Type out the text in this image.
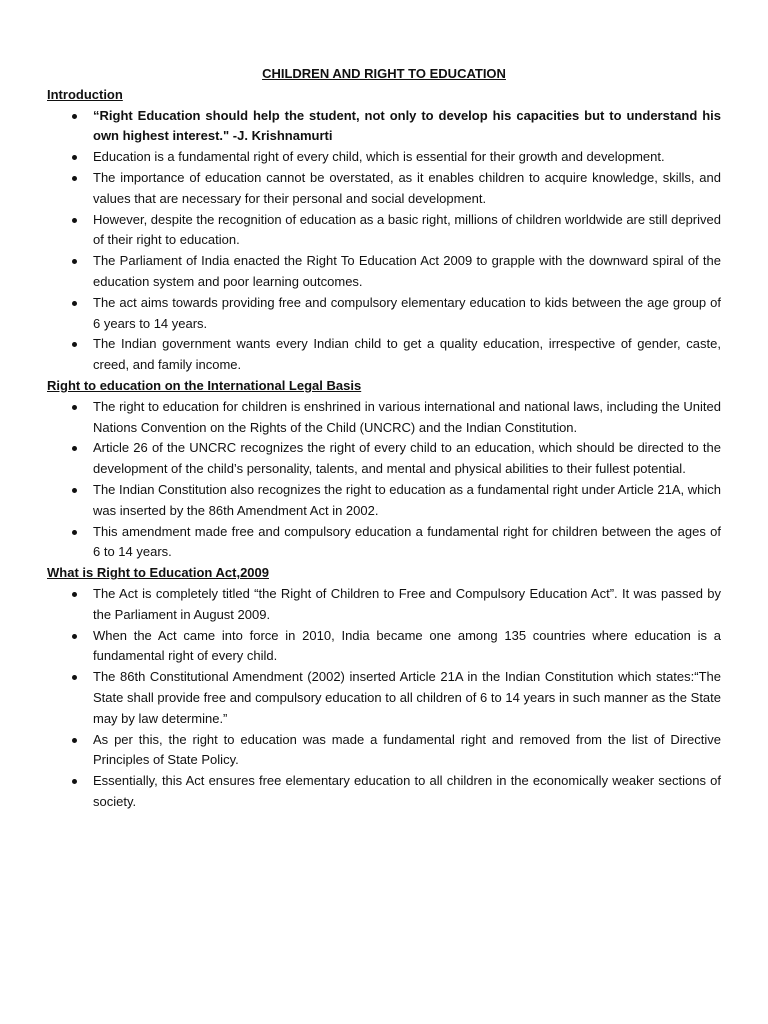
CHILDREN AND RIGHT TO EDUCATION
Introduction
“Right Education should help the student, not only to develop his capacities but to understand his own highest interest." -J. Krishnamurti
Education is a fundamental right of every child, which is essential for their growth and development.
The importance of education cannot be overstated, as it enables children to acquire knowledge, skills, and values that are necessary for their personal and social development.
However, despite the recognition of education as a basic right, millions of children worldwide are still deprived of their right to education.
The Parliament of India enacted the Right To Education Act 2009 to grapple with the downward spiral of the education system and poor learning outcomes.
The act aims towards providing free and compulsory elementary education to kids between the age group of 6 years to 14 years.
The Indian government wants every Indian child to get a quality education, irrespective of gender, caste, creed, and family income.
Right to education on the International Legal Basis
The right to education for children is enshrined in various international and national laws, including the United Nations Convention on the Rights of the Child (UNCRC) and the Indian Constitution.
Article 26 of the UNCRC recognizes the right of every child to an education, which should be directed to the development of the child’s personality, talents, and mental and physical abilities to their fullest potential.
The Indian Constitution also recognizes the right to education as a fundamental right under Article 21A, which was inserted by the 86th Amendment Act in 2002.
This amendment made free and compulsory education a fundamental right for children between the ages of 6 to 14 years.
What is Right to Education Act,2009
The Act is completely titled “the Right of Children to Free and Compulsory Education Act”. It was passed by the Parliament in August 2009.
When the Act came into force in 2010, India became one among 135 countries where education is a fundamental right of every child.
The 86th Constitutional Amendment (2002) inserted Article 21A in the Indian Constitution which states:“The State shall provide free and compulsory education to all children of 6 to 14 years in such manner as the State may by law determine.”
As per this, the right to education was made a fundamental right and removed from the list of Directive Principles of State Policy.
Essentially, this Act ensures free elementary education to all children in the economically weaker sections of society.
